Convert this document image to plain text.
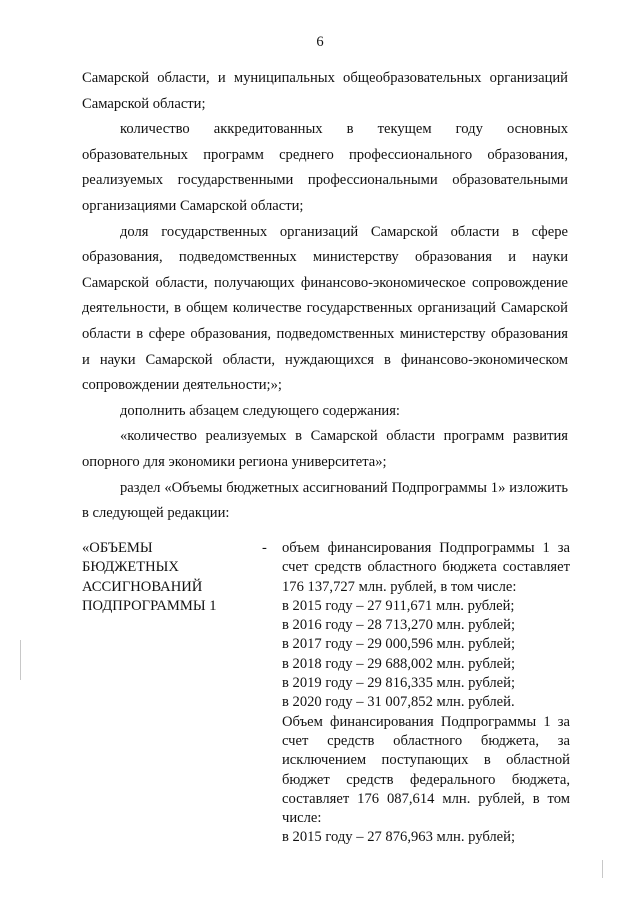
6

Самарской области, и муниципальных общеобразовательных организаций Самарской области;

количество аккредитованных в текущем году основных образовательных программ среднего профессионального образования, реализуемых государственными профессиональными образовательными организациями Самарской области;

доля государственных организаций Самарской области в сфере образования, подведомственных министерству образования и науки Самарской области, получающих финансово-экономическое сопровождение деятельности, в общем количестве государственных организаций Самарской области в сфере образования, подведомственных министерству образования и науки Самарской области, нуждающихся в финансово-экономическом сопровождении деятельности;»;

дополнить абзацем следующего содержания:

«количество реализуемых в Самарской области программ развития опорного для экономики региона университета»;

раздел «Объемы бюджетных ассигнований Подпрограммы 1» изложить в следующей редакции:

«ОБЪЕМЫ
БЮДЖЕТНЫХ
АССИГНОВАНИЙ
ПОДПРОГРАММЫ 1
- объем финансирования Подпрограммы 1 за счет средств областного бюджета составляет 176 137,727 млн. рублей, в том числе:

в 2015 году – 27 911,671 млн. рублей;

в 2016 году – 28 713,270 млн. рублей;

в 2017 году – 29 000,596 млн. рублей;

в 2018 году – 29 688,002 млн. рублей;

в 2019 году – 29 816,335 млн. рублей;

в 2020 году – 31 007,852 млн. рублей.

Объем финансирования Подпрограммы 1 за счет средств областного бюджета, за исключением поступающих в областной бюджет средств федерального бюджета, составляет 176 087,614 млн. рублей, в том числе:

в 2015 году – 27 876,963 млн. рублей;
